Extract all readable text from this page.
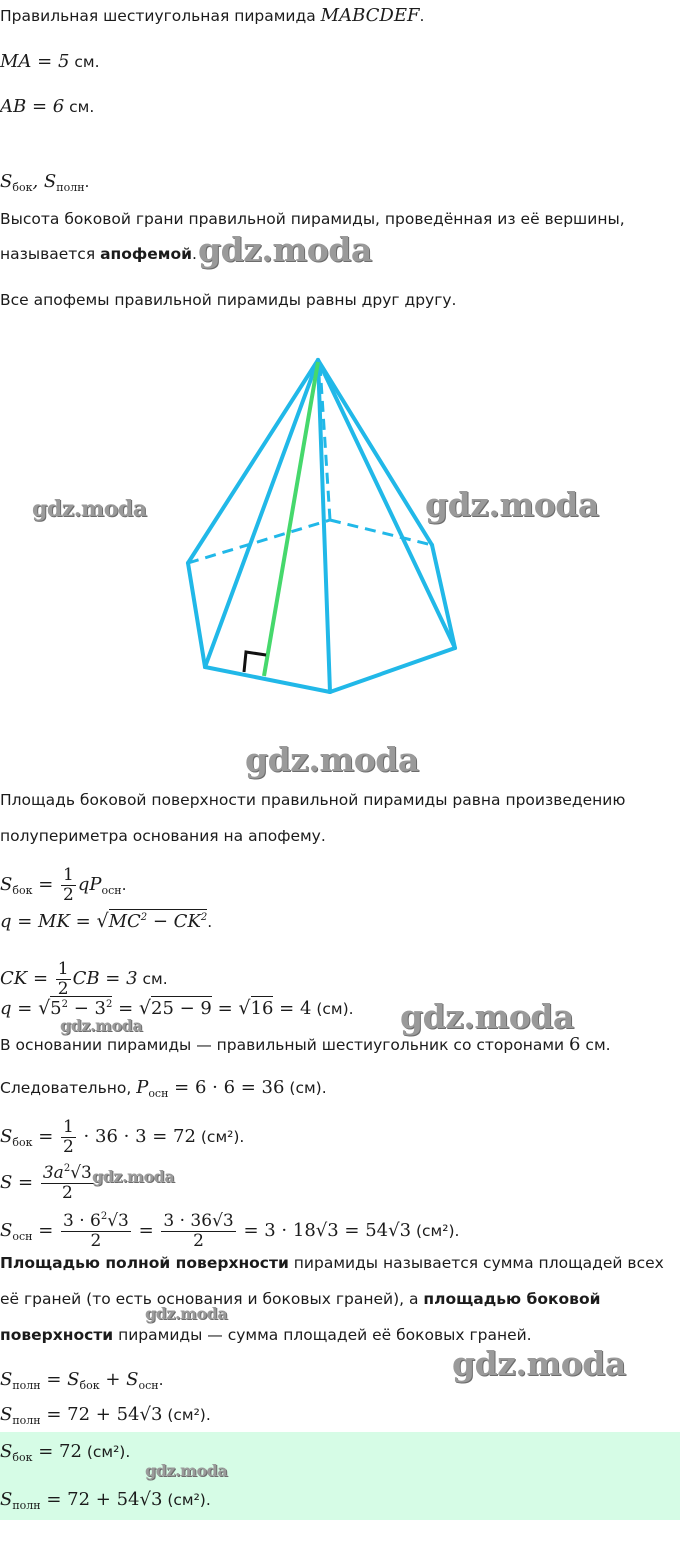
Правильная шестиугольная пирамида MABCDEF.
MA = 5 см.
AB = 6 см.
$S_{бок}$, $S_{полн}$.
Высота боковой грани правильной пирамиды, проведённая из её вершины,
называется апофемой.
Все апофемы правильной пирамиды равны друг другу.
Площадь боковой поверхности правильной пирамиды равна произведению
полупериметра основания на апофему.
$S_{бок} = \frac{1}{2} qP_{осн}$.
q = MK = $√MC^2 - CK^2$.
CK = $\frac{1}{2}$ CB = 3 см.
$q = √5^2 - 3^2 = √25 - 9 = √16 = 4$ (см).
В основании пирамиды — правильный шестиугольник со сторонами 6 см.
Следовательно, $P_{осн} = 6 \cdot 6 = 36$ (см).
$S_{бок} = \frac{1}{2} \cdot 36 \cdot 3 = 72$ (см²).
$S = \frac{3a^2√3}{2}$
$S_{осн} = \frac{3 \cdot 6^2√3}{2} = \frac{3 \cdot 36√3}{2} = 3 \cdot 18√3 = 54√3$ (см²).
Площадью полной поверхности пирамиды называется сумма площадей всех
её граней (то есть основания и боковых граней), а площадью боковой
поверхности пирамиды — сумма площадей её боковых граней.
$S_{полн} = S_{бок} + S_{осн}$.
$S_{полн} = 72 + 54√3$ (см²).
$S_{бок} = 72$ (см²).
$S_{полн} = 72 + 54√3$ (см²).
gdz.moda
gdz.moda	gdz.moda
gdz.moda
gdz.moda
gdz.moda
gdz.moda
gdz.moda
gdz.moda
gdz.moda
